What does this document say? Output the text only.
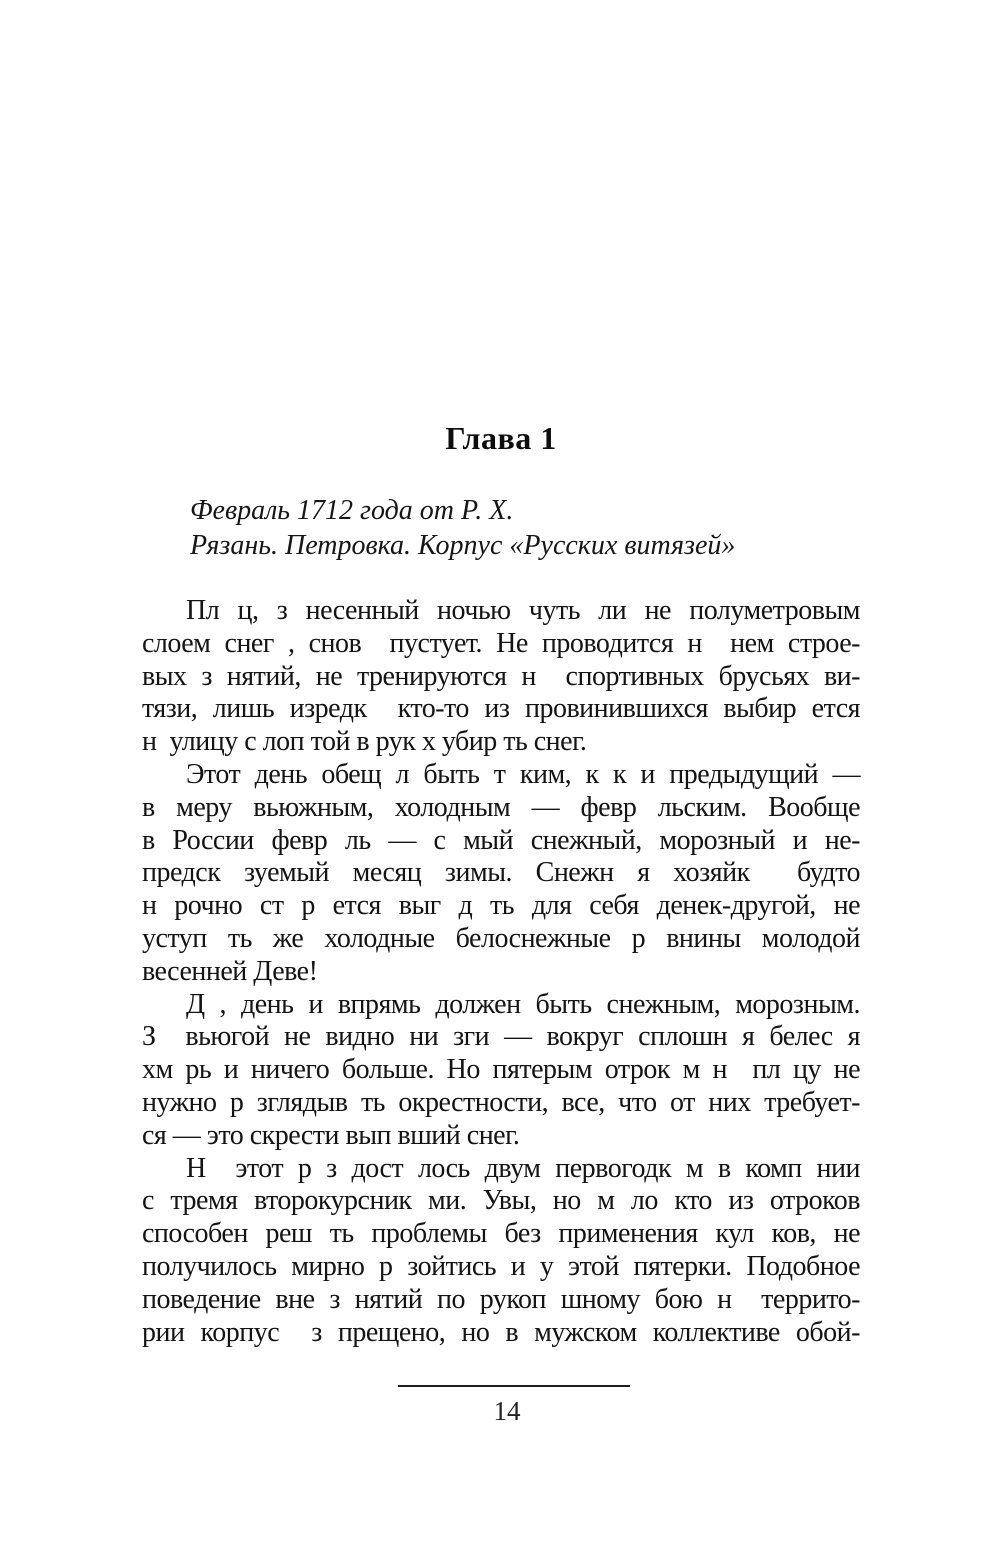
Глава 1
Февраль 1712 года от Р. Х.
Рязань. Петровка. Корпус «Русских витязей»
Пл ц, з несенный ночью чуть ли не полуметровым
слоем снег , снов  пустует. Не проводится н  нем строе-
вых з нятий, не тренируются н  спортивных брусьях ви-
тязи, лишь изредк  кто-то из провинившихся выбир ется
н  улицу с лоп той в рук х убир ть снег.
Этот день обещ л быть т ким, к к и предыдущий —
в меру вьюжным, холодным — февр льским. Вообще
в России февр ль — с мый снежный, морозный и не-
предск зуемый месяц зимы. Снежн я хозяйк  будто
н рочно ст р ется выг д ть для себя денек-другой, не
уступ ть же холодные белоснежные р внины молодой
весенней Деве!
Д , день и впрямь должен быть снежным, морозным.
З  вьюгой не видно ни зги — вокруг сплошн я белес я
хм рь и ничего больше. Но пятерым отрок м н  пл цу не
нужно р зглядыв ть окрестности, все, что от них требует-
ся — это скрести вып вший снег.
Н  этот р з дост лось двум первогодк м в комп нии
с тремя второкурсник ми. Увы, но м ло кто из отроков
способен реш ть проблемы без применения кул ков, не
получилось мирно р зойтись и у этой пятерки. Подобное
поведение вне з нятий по рукоп шному бою н  террито-
рии корпус  з прещено, но в мужском коллективе обой-
14
